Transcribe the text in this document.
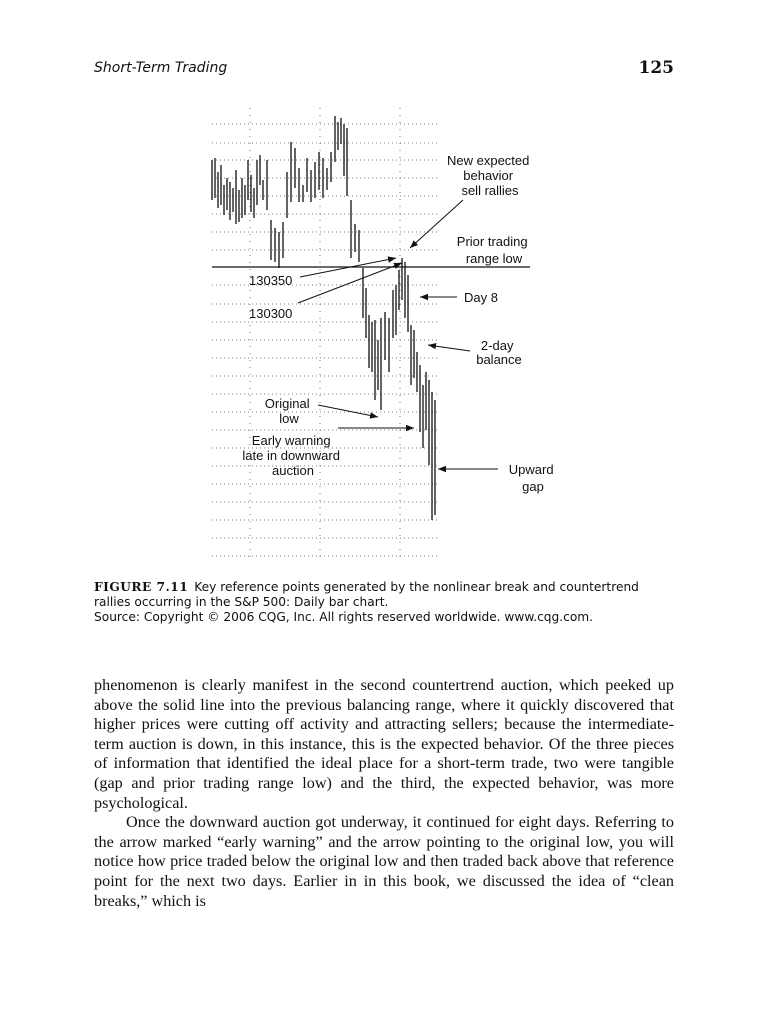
Short-Term Trading	125
New expected behavior sell rallies
Prior trading range low
130350
130300
Day 8
2-day balance
Original low
Early warning late in downward auction	Upward gap

FIGURE 7.11 Key reference points generated by the nonlinear break and countertrend rallies occurring in the S&P 500: Daily bar chart.

Source: Copyright © 2006 CQG, Inc. All rights reserved worldwide. www.cqg.com.

phenomenon is clearly manifest in the second countertrend auction, which peeked up above the solid line into the previous balancing range, where it quickly discovered that higher prices were cutting off activity and attracting sellers; because the intermediate-term auction is down, in this instance, this is the expected behavior. Of the three pieces of information that identified the ideal place for a short-term trade, two were tangible (gap and prior trading range low) and the third, the expected behavior, was more psychological.

Once the downward auction got underway, it continued for eight days. Referring to the arrow marked “early warning” and the arrow pointing to the original low, you will notice how price traded below the original low and then traded back above that reference point for the next two days. Earlier in in this book, we discussed the idea of “clean breaks,” which is
